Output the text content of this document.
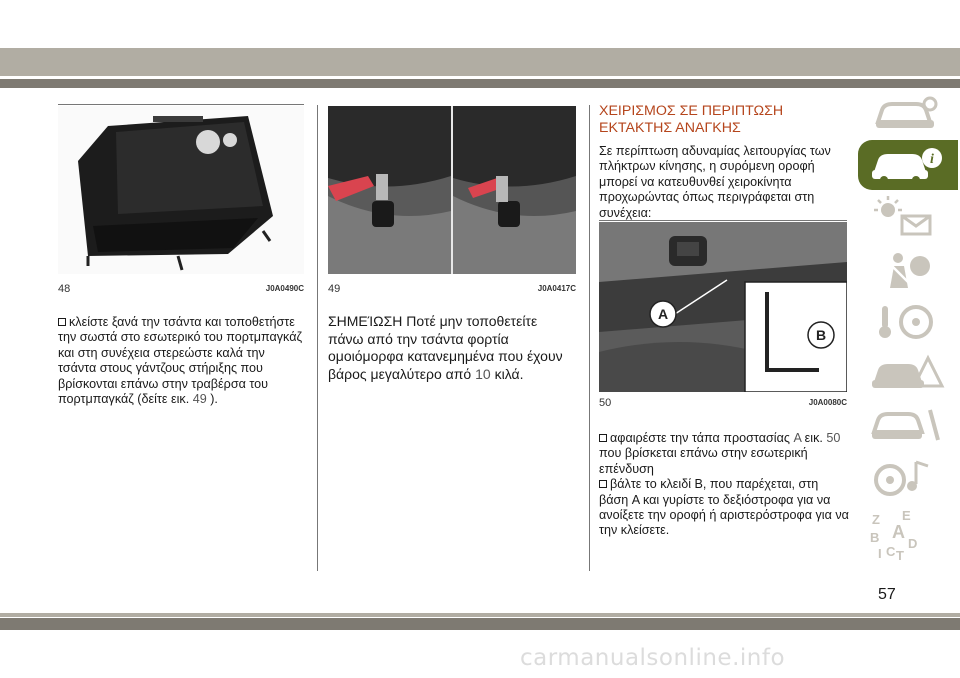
48	J0A0490C

κλείστε ξανά την τσάντα και τοποθετήστε την σωστά στο εσωτερικό του πορτμπαγκάζ και στη συνέχεια στερεώστε καλά την τσάντα στους γάντζους στήριξης που βρίσκονται επάνω στην τραβέρσα του πορτμπαγκάζ (δείτε εικ. 49 ).

49	J0A0417C
ΣΗΜΕΊΩΣΗ Ποτέ μην τοποθετείτε πάνω από την τσάντα φορτία ομοιόμορφα κατανεμημένα που έχουν βάρος μεγαλύτερο από 10 κιλά.
ΧΕΙΡΙΣΜΟΣ ΣΕ ΠΕΡΙΠΤΩΣΗ
ΕΚΤΑΚΤΗΣ ΑΝΑΓΚΗΣ
Σε περίπτωση αδυναμίας λειτουργίας των πλήκτρων κίνησης, η συρόμενη οροφή μπορεί να κατευθυνθεί χειροκίνητα προχωρώντας όπως περιγράφεται στη συνέχεια:
B
A
50	J0A0080C

αφαιρέστε την τάπα προστασίας A εικ. 50 που βρίσκεται επάνω στην εσωτερική επένδυση

βάλτε το κλειδί B, που παρέχεται, στη βάση A και γυρίστε το δεξιόστροφα για να ανοίξετε την οροφή ή αριστερόστροφα για να την κλείσετε.

i
Z E
B A
I C T
D
57
carmanualsonline.info
